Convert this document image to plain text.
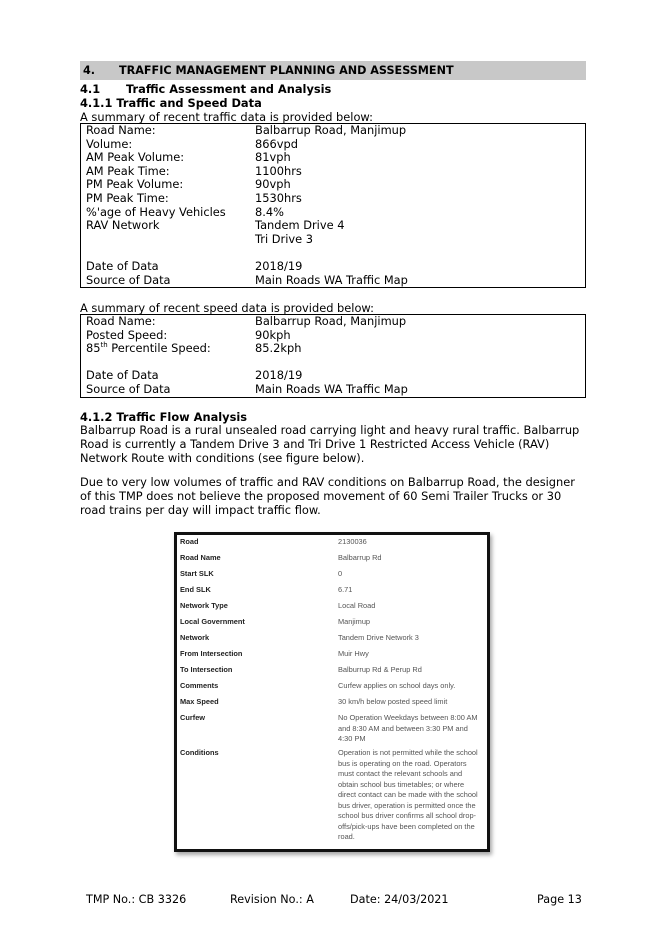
4. TRAFFIC MANAGEMENT PLANNING AND ASSESSMENT
4.1 Traffic Assessment and Analysis
4.1.1 Traffic and Speed Data
A summary of recent traffic data is provided below:
Road Name:	Balbarrup Road, Manjimup
Volume:	866vpd
AM Peak Volume:	81vph
AM Peak Time:	1100hrs
PM Peak Volume:	90vph
PM Peak Time:	1530hrs
%'age of Heavy Vehicles	8.4%
RAV Network	Tandem Drive 4
Tri Drive 3
Date of Data	2018/19
Source of Data	Main Roads WA Traffic Map
A summary of recent speed data is provided below:
Road Name:	Balbarrup Road, Manjimup
Posted Speed:	90kph
85th Percentile Speed:	85.2kph
Date of Data	2018/19
Source of Data	Main Roads WA Traffic Map
4.1.2 Traffic Flow Analysis
Balbarrup Road is a rural unsealed road carrying light and heavy rural traffic. Balbarrup
Road is currently a Tandem Drive 3 and Tri Drive 1 Restricted Access Vehicle (RAV)
Network Route with conditions (see figure below).
Due to very low volumes of traffic and RAV conditions on Balbarrup Road, the designer
of this TMP does not believe the proposed movement of 60 Semi Trailer Trucks or 30
road trains per day will impact traffic flow.
Road	2130036
Road Name	Balbarrup Rd
Start SLK	0
End SLK	6.71
Network Type	Local Road
Local Government	Manjimup
Network	Tandem Drive Network 3
From Intersection	Muir Hwy
To Intersection	Balburrup Rd & Perup Rd
Comments	Curfew applies on school days only.
Max Speed	30 km/h below posted speed limit
Curfew	No Operation Weekdays between 8:00 AM
and 8:30 AM and between 3:30 PM and
4:30 PM
Conditions	Operation is not permitted while the school
bus is operating on the road. Operators
must contact the relevant schools and
obtain school bus timetables; or where
direct contact can be made with the school
bus driver, operation is permitted once the
school bus driver confirms all school drop-
offs/pick-ups have been completed on the
road.
TMP No.: CB 3326	Revision No.: A	Date: 24/03/2021	Page 13
